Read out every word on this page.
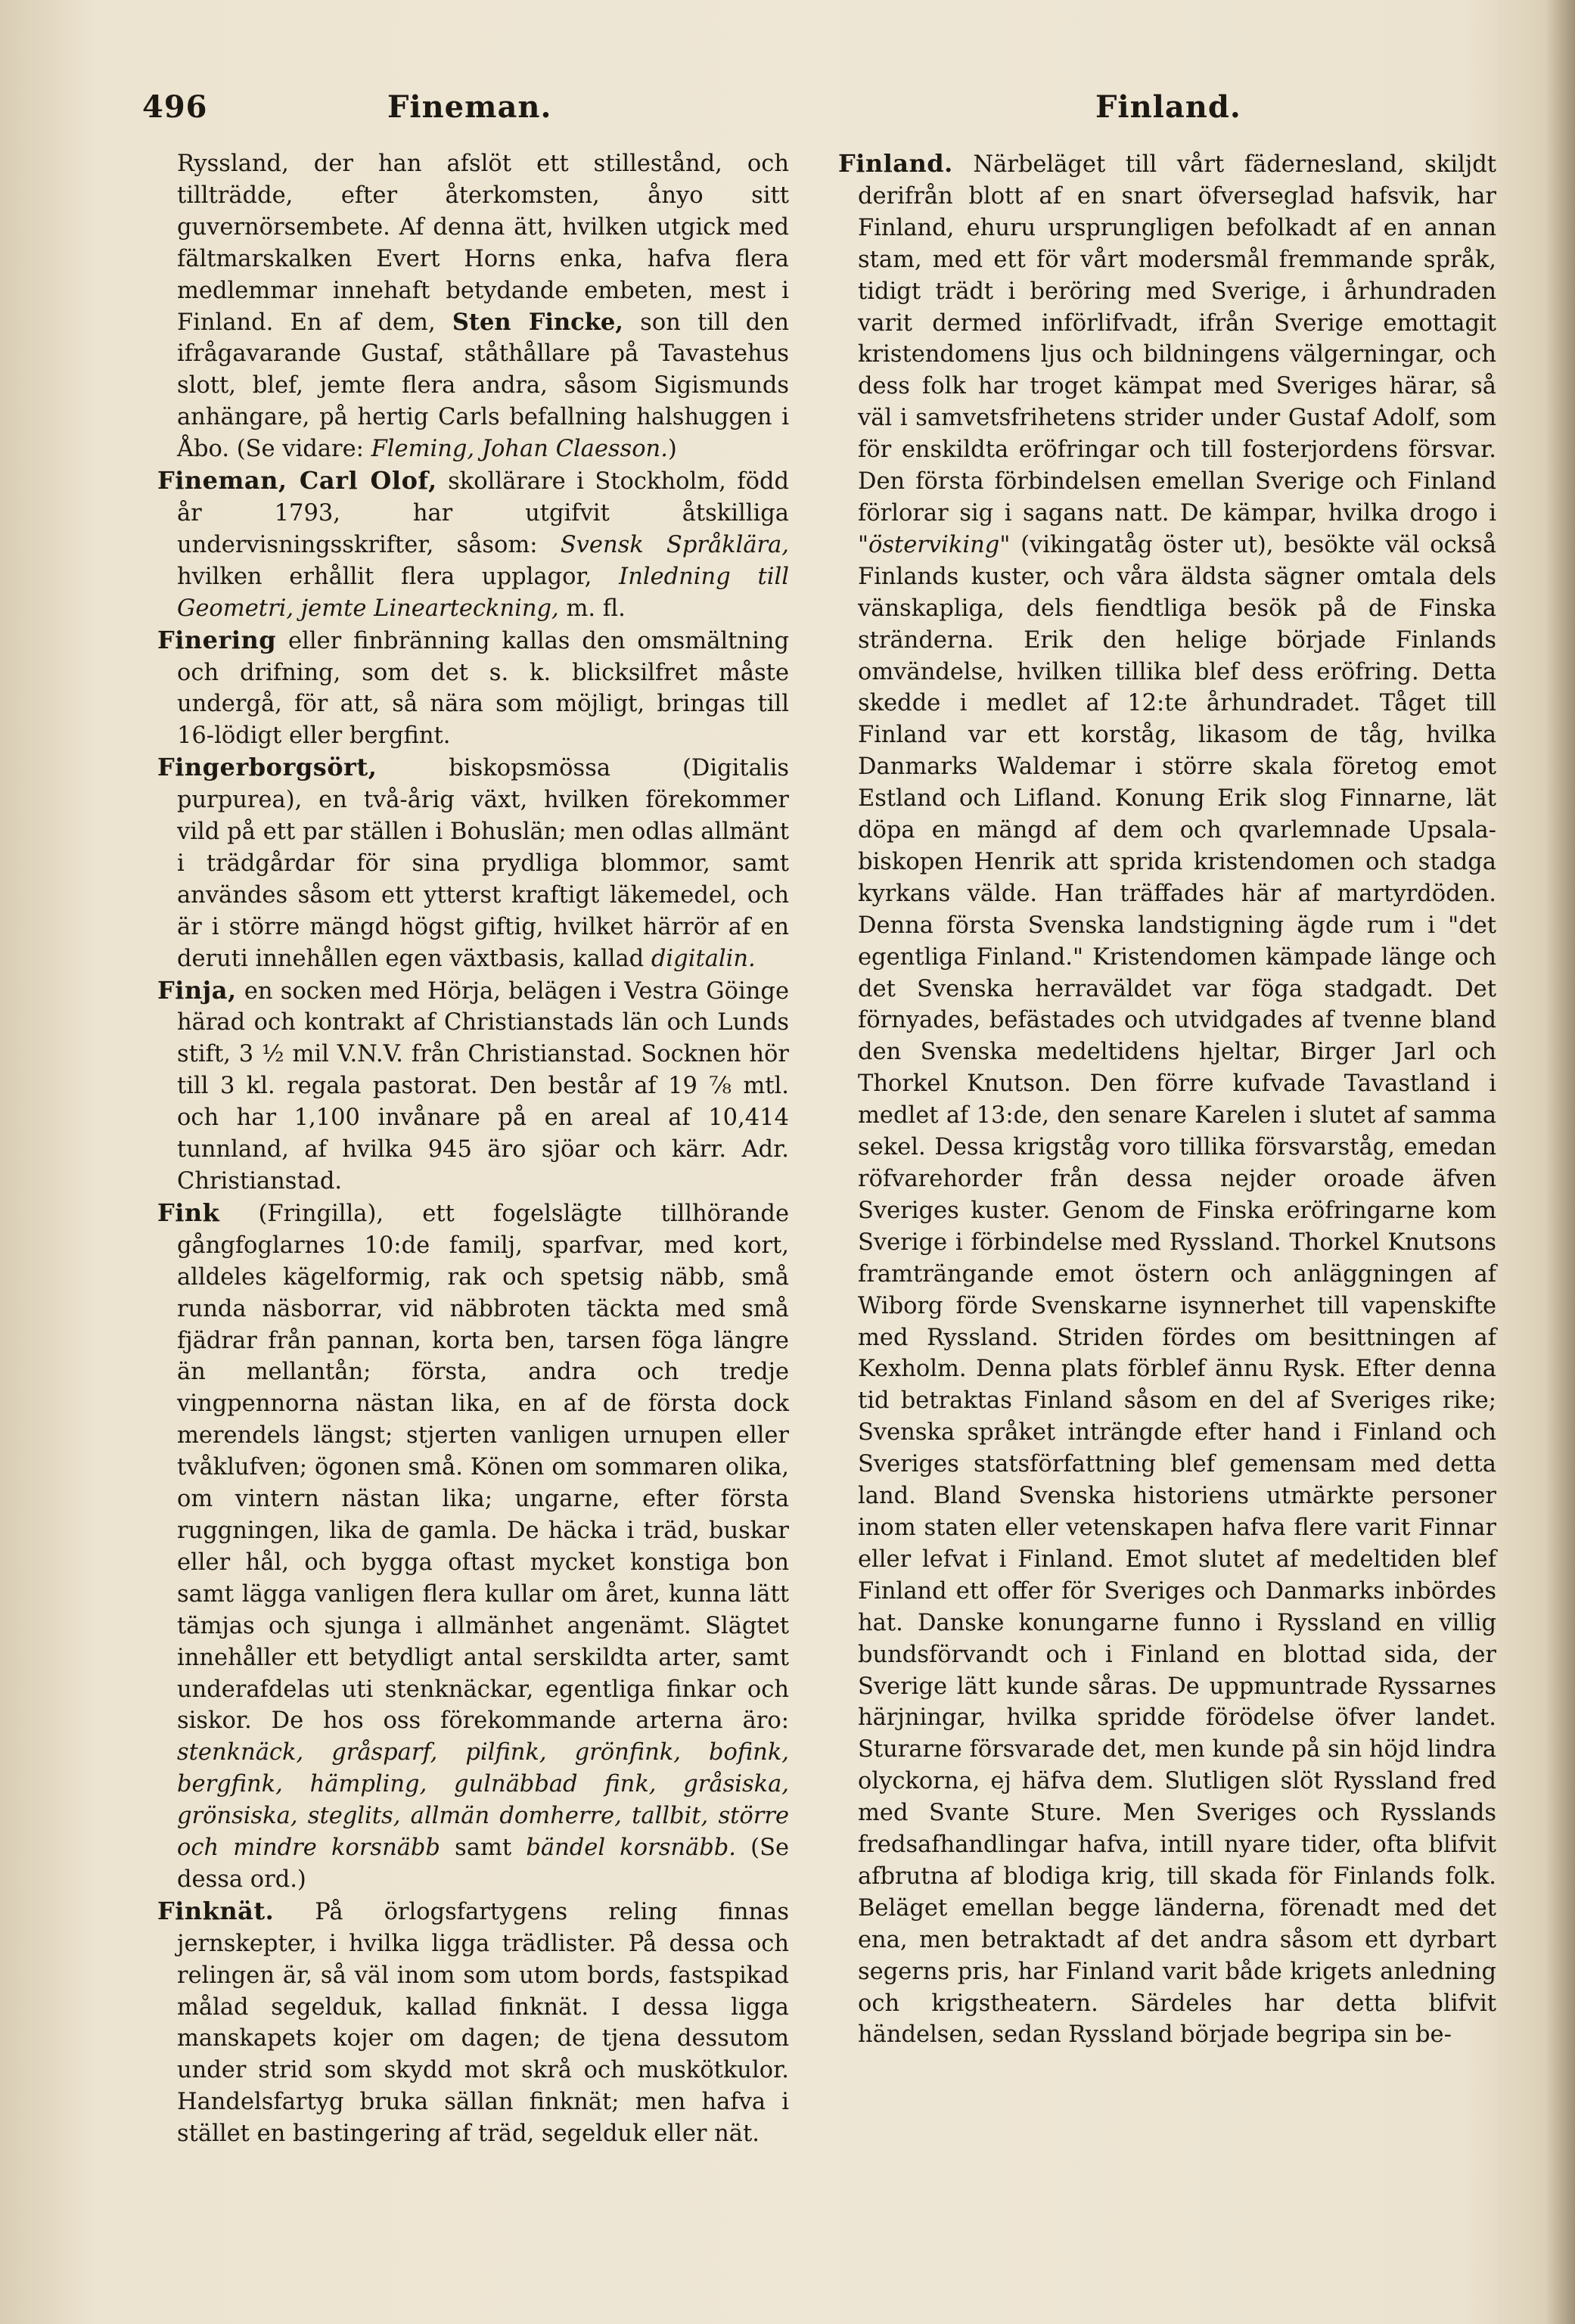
496	Fineman.	Finland.

Ryssland, der han afslöt ett stillestånd, och tillträdde, efter återkomsten, ånyo sitt guvernörsembete. Af denna ätt, hvilken utgick med fältmarskalken Evert Horns enka, hafva flera medlemmar innehaft betydande embeten, mest i Finland. En af dem, Sten Fincke, son till den ifrågavarande Gustaf, ståthållare på Tavastehus slott, blef, jemte flera andra, såsom Sigismunds anhängare, på hertig Carls befallning halshuggen i Åbo. (Se vidare: Fleming, Johan Claesson.)

Fineman, Carl Olof, skollärare i Stockholm, född år 1793, har utgifvit åtskilliga undervisningsskrifter, såsom: Svensk Språklära, hvilken erhållit flera upplagor, Inledning till Geometri, jemte Linearteckning, m. fl.

Finering eller finbränning kallas den omsmältning och drifning, som det s. k. blicksilfret måste undergå, för att, så nära som möjligt, bringas till 16-lödigt eller bergfint.

Fingerborgsört, biskopsmössa (Digitalis purpurea), en två-årig växt, hvilken förekommer vild på ett par ställen i Bohuslän; men odlas allmänt i trädgårdar för sina prydliga blommor, samt användes såsom ett ytterst kraftigt läkemedel, och är i större mängd högst giftig, hvilket härrör af en deruti innehållen egen växtbasis, kallad digitalin.

Finja, en socken med Hörja, belägen i Vestra Göinge härad och kontrakt af Christianstads län och Lunds stift, 3 ½ mil V.N.V. från Christianstad. Socknen hör till 3 kl. regala pastorat. Den består af 19 ⅞ mtl. och har 1,100 invånare på en areal af 10,414 tunnland, af hvilka 945 äro sjöar och kärr. Adr. Christianstad.

Fink (Fringilla), ett fogelslägte tillhörande gångfoglarnes 10:de familj, sparfvar, med kort, alldeles kägelformig, rak och spetsig näbb, små runda näsborrar, vid näbbroten täckta med små fjädrar från pannan, korta ben, tarsen föga längre än mellantån; första, andra och tredje vingpennorna nästan lika, en af de första dock merendels längst; stjerten vanligen urnupen eller tvåklufven; ögonen små. Könen om sommaren olika, om vintern nästan lika; ungarne, efter första ruggningen, lika de gamla. De häcka i träd, buskar eller hål, och bygga oftast mycket konstiga bon samt lägga vanligen flera kullar om året, kunna lätt tämjas och sjunga i allmänhet angenämt. Slägtet innehåller ett betydligt antal serskildta arter, samt underafdelas uti stenknäckar, egentliga finkar och siskor. De hos oss förekommande arterna äro: stenknäck, gråsparf, pilfink, grönfink, bofink, bergfink, hämpling, gulnäbbad fink, gråsiska, grönsiska, steglits, allmän domherre, tallbit, större och mindre korsnäbb samt bändel korsnäbb. (Se dessa ord.)

Finknät. På örlogsfartygens reling finnas jernskepter, i hvilka ligga trädlister. På dessa och relingen är, så väl inom som utom bords, fastspikad målad segelduk, kallad finknät. I dessa ligga manskapets kojer om dagen; de tjena dessutom under strid som skydd mot skrå och muskötkulor. Handelsfartyg bruka sällan finknät; men hafva i stället en bastingering af träd, segelduk eller nät.

Finland. Närbeläget till vårt fädernesland, skiljdt derifrån blott af en snart öfverseglad hafsvik, har Finland, ehuru ursprungligen befolkadt af en annan stam, med ett för vårt modersmål fremmande språk, tidigt trädt i beröring med Sverige, i århundraden varit dermed införlifvadt, ifrån Sverige emottagit kristendomens ljus och bildningens välgerningar, och dess folk har troget kämpat med Sveriges härar, så väl i samvetsfrihetens strider under Gustaf Adolf, som för enskildta eröfringar och till fosterjordens försvar. Den första förbindelsen emellan Sverige och Finland förlorar sig i sagans natt. De kämpar, hvilka drogo i "österviking" (vikingatåg öster ut), besökte väl också Finlands kuster, och våra äldsta sägner omtala dels vänskapliga, dels fiendtliga besök på de Finska stränderna. Erik den helige började Finlands omvändelse, hvilken tillika blef dess eröfring. Detta skedde i medlet af 12:te århundradet. Tåget till Finland var ett korståg, likasom de tåg, hvilka Danmarks Waldemar i större skala företog emot Estland och Lifland. Konung Erik slog Finnarne, lät döpa en mängd af dem och qvarlemnade Upsala-biskopen Henrik att sprida kristendomen och stadga kyrkans välde. Han träffades här af martyrdöden. Denna första Svenska landstigning ägde rum i "det egentliga Finland." Kristendomen kämpade länge och det Svenska herraväldet var föga stadgadt. Det förnyades, befästades och utvidgades af tvenne bland den Svenska medeltidens hjeltar, Birger Jarl och Thorkel Knutson. Den förre kufvade Tavastland i medlet af 13:de, den senare Karelen i slutet af samma sekel. Dessa krigståg voro tillika försvarståg, emedan röfvarehorder från dessa nejder oroade äfven Sveriges kuster. Genom de Finska eröfringarne kom Sverige i förbindelse med Ryssland. Thorkel Knutsons framträngande emot östern och anläggningen af Wiborg förde Svenskarne isynnerhet till vapenskifte med Ryssland. Striden fördes om besittningen af Kexholm. Denna plats förblef ännu Rysk. Efter denna tid betraktas Finland såsom en del af Sveriges rike; Svenska språket inträngde efter hand i Finland och Sveriges statsförfattning blef gemensam med detta land. Bland Svenska historiens utmärkte personer inom staten eller vetenskapen hafva flere varit Finnar eller lefvat i Finland. Emot slutet af medeltiden blef Finland ett offer för Sveriges och Danmarks inbördes hat. Danske konungarne funno i Ryssland en villig bundsförvandt och i Finland en blottad sida, der Sverige lätt kunde såras. De uppmuntrade Ryssarnes härjningar, hvilka spridde förödelse öfver landet. Sturarne försvarade det, men kunde på sin höjd lindra olyckorna, ej häfva dem. Slutligen slöt Ryssland fred med Svante Sture. Men Sveriges och Rysslands fredsafhandlingar hafva, intill nyare tider, ofta blifvit afbrutna af blodiga krig, till skada för Finlands folk. Beläget emellan begge länderna, förenadt med det ena, men betraktadt af det andra såsom ett dyrbart segerns pris, har Finland varit både krigets anledning och krigstheatern. Särdeles har detta blifvit händelsen, sedan Ryssland började begripa sin be-
